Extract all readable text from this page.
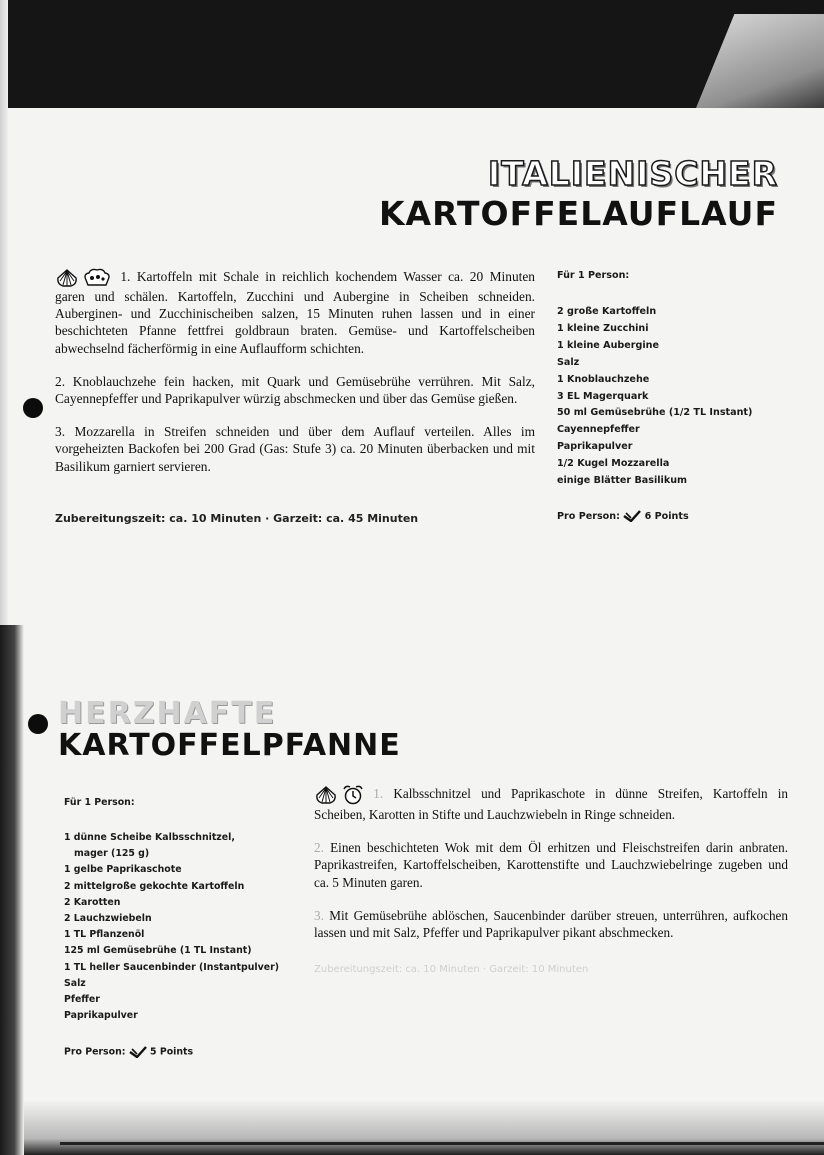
ITALIENISCHER
KARTOFFELAUFLAUF

1. Kartoffeln mit Schale in reichlich kochendem Wasser ca. 20 Minuten garen und schälen. Kartoffeln, Zucchini und Aubergine in Scheiben schneiden. Auberginen- und Zucchinischeiben salzen, 15 Minuten ruhen lassen und in einer beschichteten Pfanne fettfrei goldbraun braten. Gemüse- und Kartoffelscheiben abwechselnd fächerförmig in eine Auflaufform schichten.

2. Knoblauchzehe fein hacken, mit Quark und Gemüsebrühe verrühren. Mit Salz, Cayennepfeffer und Paprikapulver würzig abschmecken und über das Gemüse gießen.

3. Mozzarella in Streifen schneiden und über dem Auflauf verteilen. Alles im vorgeheizten Backofen bei 200 Grad (Gas: Stufe 3) ca. 20 Minuten überbacken und mit Basilikum garniert servieren.

Zubereitungszeit: ca. 10 Minuten · Garzeit: ca. 45 Minuten
Für 1 Person:
2 große Kartoffeln
1 kleine Zucchini
1 kleine Aubergine
Salz
1 Knoblauchzehe
3 EL Magerquark
50 ml Gemüsebrühe (1/2 TL Instant)
Cayennepfeffer
Paprikapulver
1/2 Kugel Mozzarella
einige Blätter Basilikum
Pro Person:	6 Points
HERZHAFTE
KARTOFFELPFANNE
Für 1 Person:
1 dünne Scheibe Kalbsschnitzel,
mager (125 g)
1 gelbe Paprikaschote
2 mittelgroße gekochte Kartoffeln
2 Karotten
2 Lauchzwiebeln
1 TL Pflanzenöl
125 ml Gemüsebrühe (1 TL Instant)
1 TL heller Saucenbinder (Instantpulver)
Salz
Pfeffer
Paprikapulver
Pro Person:	5 Points

1. Kalbsschnitzel und Paprikaschote in dünne Streifen, Kartoffeln in Scheiben, Karotten in Stifte und Lauchzwiebeln in Ringe schneiden.

2. Einen beschichteten Wok mit dem Öl erhitzen und Fleischstreifen darin anbraten. Paprikastreifen, Kartoffelscheiben, Karottenstifte und Lauchzwiebelringe zugeben und ca. 5 Minuten garen.

3. Mit Gemüsebrühe ablöschen, Saucenbinder darüber streuen, unterrühren, aufkochen lassen und mit Salz, Pfeffer und Paprikapulver pikant abschmecken.

Zubereitungszeit: ca. 10 Minuten · Garzeit: 10 Minuten
